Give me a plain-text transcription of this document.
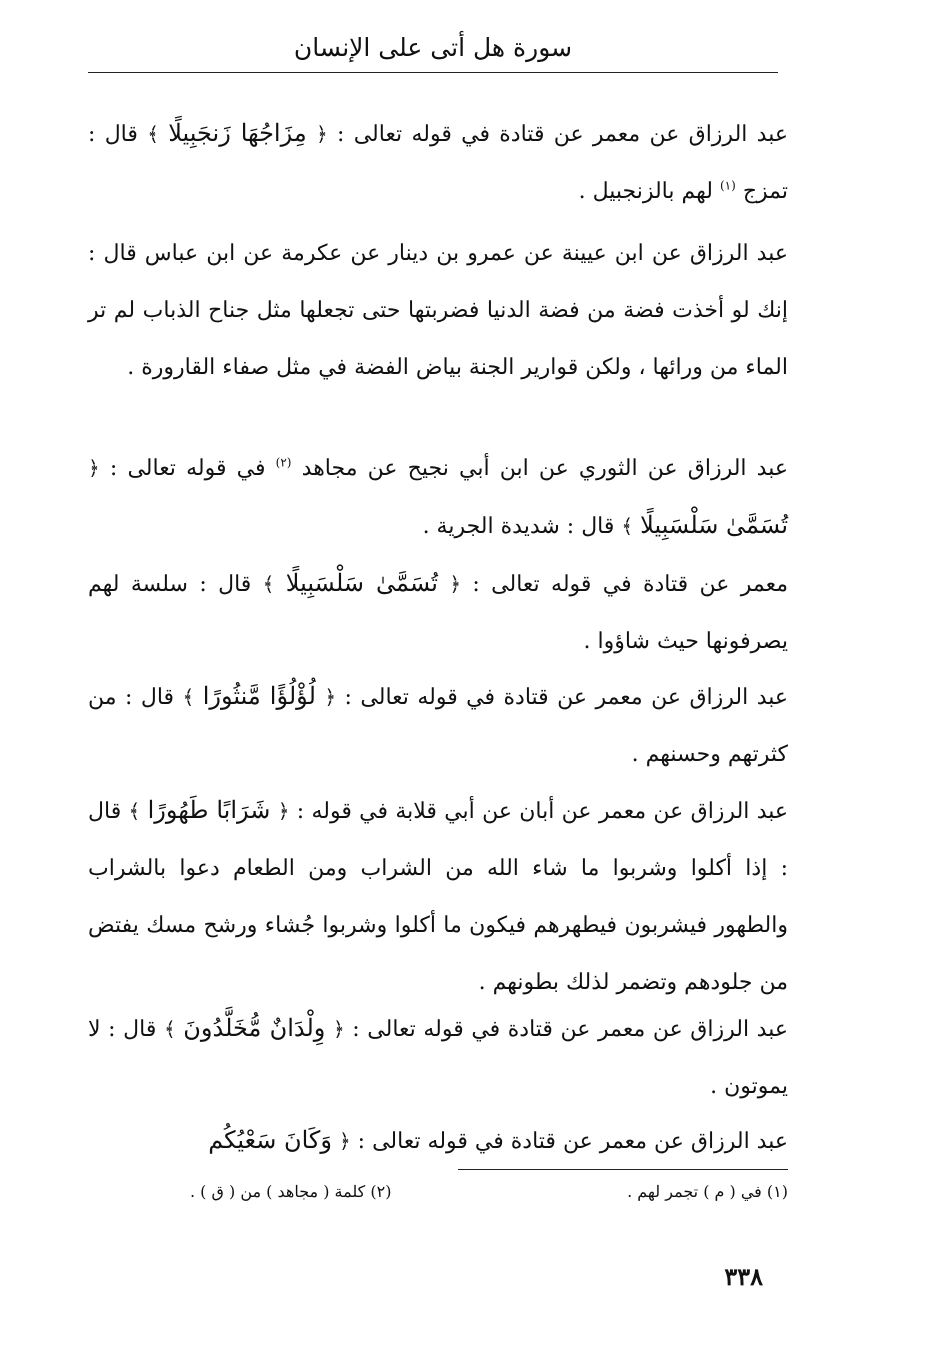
سورة هل أتى على الإنسان
عبد الرزاق عن معمر عن قتادة في قوله تعالى : ﴿ مِزَاجُهَا زَنجَبِيلًا ﴾ قال : تمزج $^{(١)}$ لهم بالزنجبيل .
عبد الرزاق عن ابن عيينة عن عمرو بن دينار عن عكرمة عن ابن عباس قال : إنك لو أخذت فضة من فضة الدنيا فضربتها حتى تجعلها مثل جناح الذباب لم تر الماء من ورائها ، ولكن قوارير الجنة بياض الفضة في مثل صفاء القارورة .
عبد الرزاق عن الثوري عن ابن أبي نجيح عن مجاهد $^{(٢)}$ في قوله تعالى : ﴿ تُسَمَّىٰ سَلْسَبِيلًا ﴾ قال : شديدة الجرية .
معمر عن قتادة في قوله تعالى : ﴿ تُسَمَّىٰ سَلْسَبِيلًا ﴾ قال : سلسة لهم يصرفونها حيث شاؤوا .
عبد الرزاق عن معمر عن قتادة في قوله تعالى : ﴿ لُؤْلُؤًا مَّنثُورًا ﴾ قال : من كثرتهم وحسنهم .
عبد الرزاق عن معمر عن أبان عن أبي قلابة في قوله : ﴿ شَرَابًا طَهُورًا ﴾ قال : إذا أكلوا وشربوا ما شاء الله من الشراب ومن الطعام دعوا بالشراب والطهور فيشربون فيطهرهم فيكون ما أكلوا وشربوا جُشاء ورشح مسك يفتض من جلودهم وتضمر لذلك بطونهم .
عبد الرزاق عن معمر عن قتادة في قوله تعالى : ﴿ وِلْدَانٌ مُّخَلَّدُونَ ﴾ قال : لا يموتون .
عبد الرزاق عن معمر عن قتادة في قوله تعالى : ﴿ وَكَانَ سَعْيُكُم
(١) في ( م ) تجمر لهم .
(٢) كلمة ( مجاهد ) من ( ق ) .
٣٣٨
